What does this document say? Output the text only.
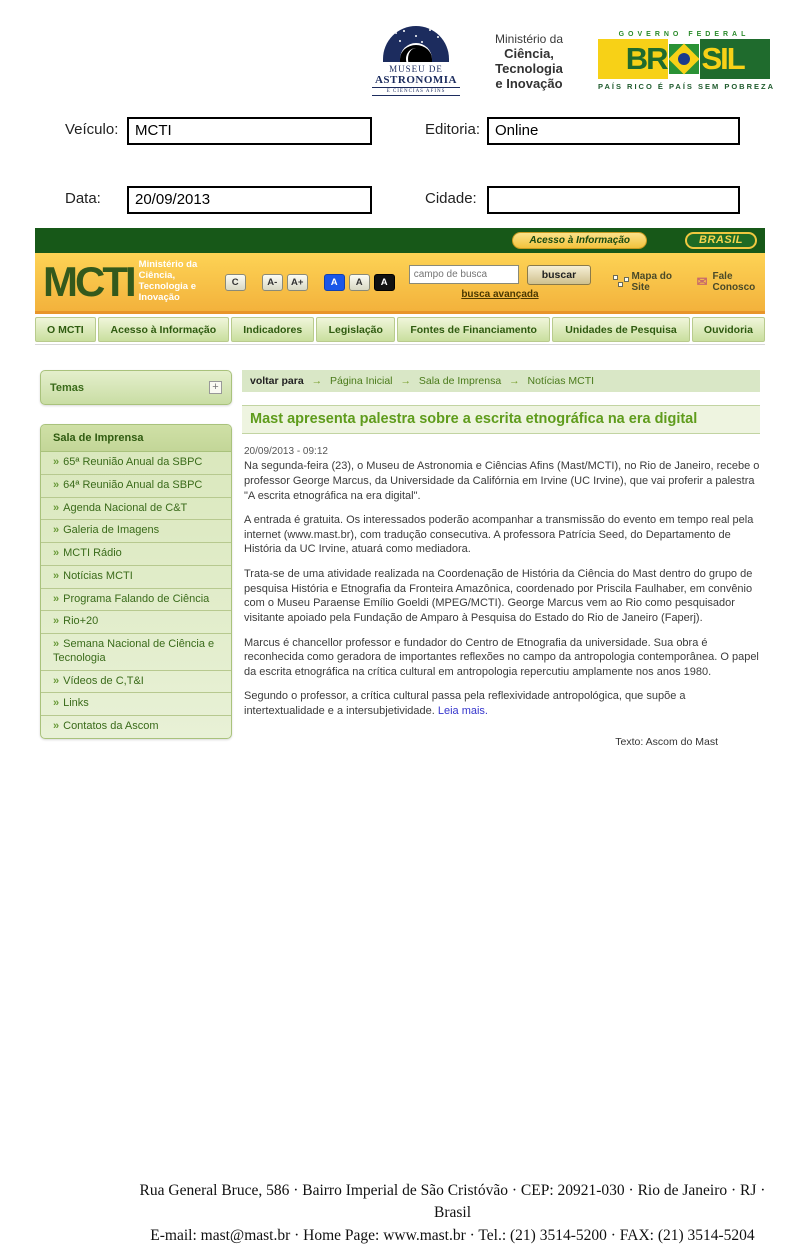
MUSEU DE
ASTRONOMIA
E CIÊNCIAS AFINS
Ministério da
Ciência, Tecnologia
e Inovação
GOVERNO FEDERAL
BR SIL
PAÍS RICO É PAÍS SEM POBREZA
Veículo:	MCTI	Editoria: Online
Data:	20/09/2013	Cidade:
Acesso à Informação	BRASIL
MCTI Ministério da Ciência,
Tecnologia e Inovação
C	A-	A+	A	A	A
campo de busca
buscar
busca avançada
Mapa do Site	✉ Fale Conosco
O MCTI	Acesso à Informação	Indicadores	Legislação	Fontes de Financiamento	Unidades de Pesquisa	Ouvidoria
Temas	+
Sala de Imprensa
» 65ª Reunião Anual da SBPC
» 64ª Reunião Anual da SBPC
» Agenda Nacional de C&T
» Galeria de Imagens
» MCTI Rádio
» Notícias MCTI
» Programa Falando de Ciência
» Rio+20
» Semana Nacional de Ciência e Tecnologia
» Vídeos de C,T&I
» Links
» Contatos da Ascom
voltar para → Página Inicial → Sala de Imprensa → Notícias MCTI
Mast apresenta palestra sobre a escrita etnográfica na era digital
20/09/2013 - 09:12

Na segunda-feira (23), o Museu de Astronomia e Ciências Afins (Mast/MCTI), no Rio de Janeiro, recebe o professor George Marcus, da Universidade da Califórnia em Irvine (UC Irvine), que vai proferir a palestra "A escrita etnográfica na era digital".

A entrada é gratuita. Os interessados poderão acompanhar a transmissão do evento em tempo real pela internet (www.mast.br), com tradução consecutiva. A professora Patrícia Seed, do Departamento de História da UC Irvine, atuará como mediadora.

Trata-se de uma atividade realizada na Coordenação de História da Ciência do Mast dentro do grupo de pesquisa História e Etnografia da Fronteira Amazônica, coordenado por Priscila Faulhaber, em convênio com o Museu Paraense Emílio Goeldi (MPEG/MCTI). George Marcus vem ao Rio como pesquisador visitante apoiado pela Fundação de Amparo à Pesquisa do Estado do Rio de Janeiro (Faperj).

Marcus é chancellor professor e fundador do Centro de Etnografia da universidade. Sua obra é reconhecida como geradora de importantes reflexões no campo da antropologia contemporânea. O papel da escrita etnográfica na crítica cultural em antropologia repercutiu amplamente nos anos 1980.

Segundo o professor, a crítica cultural passa pela reflexividade antropológica, que supõe a intertextualidade e a intersubjetividade. Leia mais.

Texto: Ascom do Mast
Rua General Bruce, 586 · Bairro Imperial de São Cristóvão · CEP: 20921-030 · Rio de Janeiro · RJ · Brasil
E-mail: mast@mast.br · Home Page: www.mast.br · Tel.: (21) 3514-5200 · FAX: (21) 3514-5204
